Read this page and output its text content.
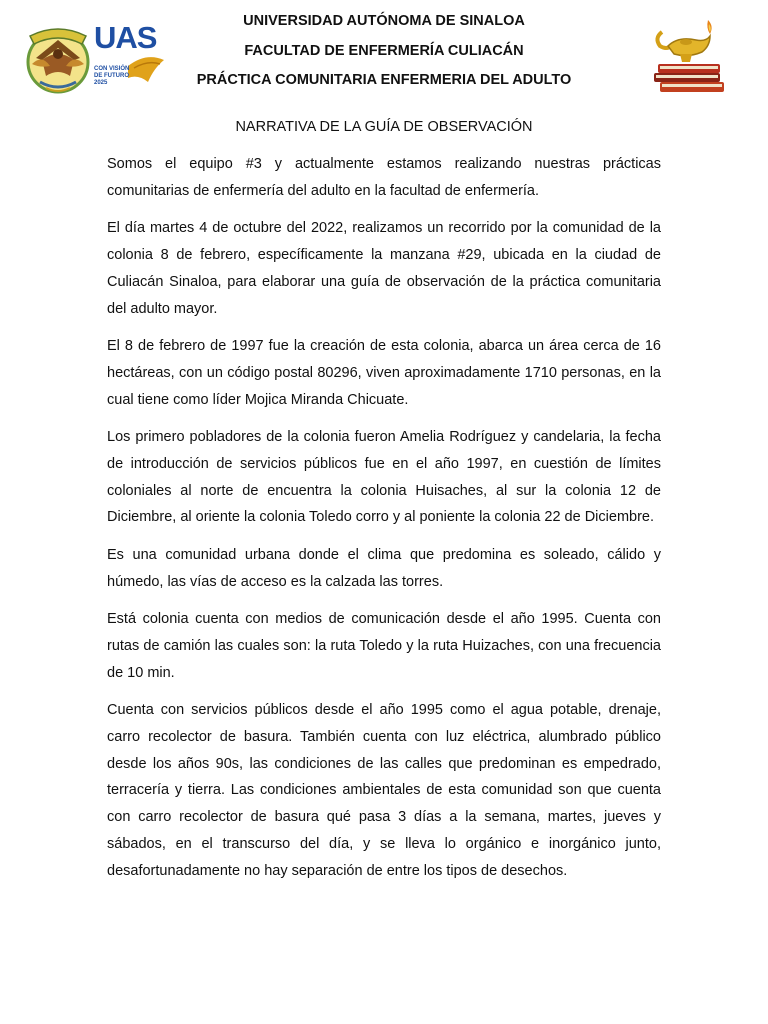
UAS
CON VISIÓN DE FUTURO 2025
UNIVERSIDAD AUTÓNOMA DE SINALOA
FACULTAD DE ENFERMERÍA CULIACÁN
PRÁCTICA COMUNITARIA ENFERMERIA DEL ADULTO
NARRATIVA DE LA GUÍA DE OBSERVACIÓN

Somos el equipo #3 y actualmente estamos realizando nuestras prácticas comunitarias de enfermería del adulto en la facultad de enfermería.

El día martes 4 de octubre del 2022, realizamos un recorrido por la comunidad de la colonia 8 de febrero, específicamente la manzana #29, ubicada en la ciudad de Culiacán Sinaloa, para elaborar una guía de observación de la práctica comunitaria del adulto mayor.

El 8 de febrero de 1997 fue la creación de esta colonia, abarca un área cerca de 16 hectáreas, con un código postal 80296, viven aproximadamente 1710 personas, en la cual tiene como líder Mojica Miranda Chicuate.

Los primero pobladores de la colonia fueron Amelia Rodríguez y candelaria, la fecha de introducción de servicios públicos fue en el año 1997, en cuestión de límites coloniales al norte de encuentra la colonia Huisaches, al sur la colonia 12 de Diciembre, al oriente la colonia Toledo corro y al poniente la colonia 22 de Diciembre.

Es una comunidad urbana donde el clima que predomina es soleado, cálido y húmedo, las vías de acceso es la calzada las torres.

Está colonia cuenta con medios de comunicación desde el año 1995. Cuenta con rutas de camión las cuales son: la ruta Toledo y la ruta Huizaches, con una frecuencia de 10 min.

Cuenta con servicios públicos desde el año 1995 como el agua potable, drenaje, carro recolector de basura. También cuenta con luz eléctrica, alumbrado público desde los años 90s, las condiciones de las calles que predominan es empedrado, terracería y tierra. Las condiciones ambientales de esta comunidad son que cuenta con carro recolector de basura qué pasa 3 días a la semana, martes, jueves y sábados, en el transcurso del día, y se lleva lo orgánico e inorgánico junto, desafortunadamente no hay separación de entre los tipos de desechos.
